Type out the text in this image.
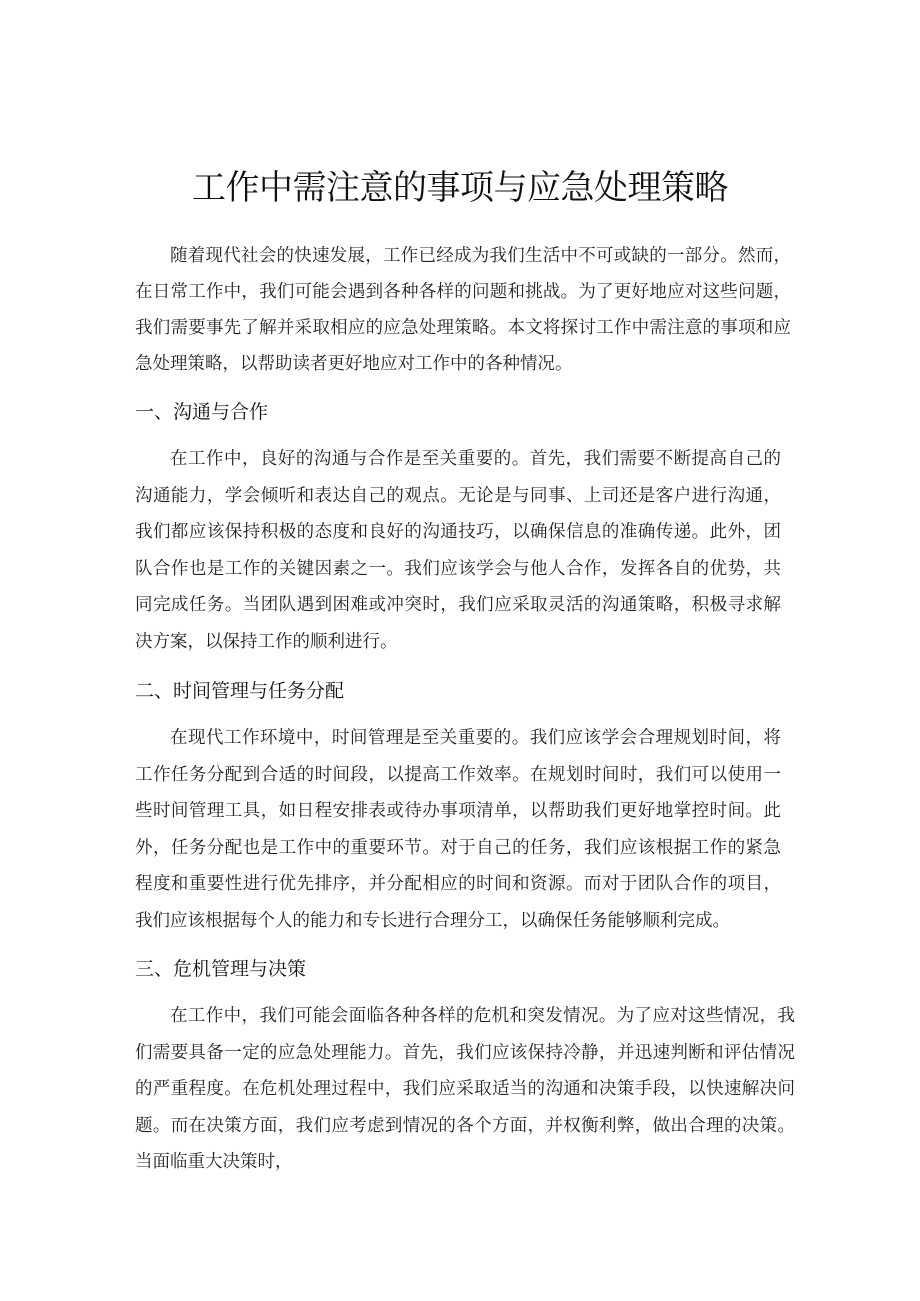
工作中需注意的事项与应急处理策略

随着现代社会的快速发展，工作已经成为我们生活中不可或缺的一部分。然而，在日常工作中，我们可能会遇到各种各样的问题和挑战。为了更好地应对这些问题，我们需要事先了解并采取相应的应急处理策略。本文将探讨工作中需注意的事项和应急处理策略，以帮助读者更好地应对工作中的各种情况。

一、沟通与合作

在工作中，良好的沟通与合作是至关重要的。首先，我们需要不断提高自己的沟通能力，学会倾听和表达自己的观点。无论是与同事、上司还是客户进行沟通，我们都应该保持积极的态度和良好的沟通技巧，以确保信息的准确传递。此外，团队合作也是工作的关键因素之一。我们应该学会与他人合作，发挥各自的优势，共同完成任务。当团队遇到困难或冲突时，我们应采取灵活的沟通策略，积极寻求解决方案，以保持工作的顺利进行。

二、时间管理与任务分配

在现代工作环境中，时间管理是至关重要的。我们应该学会合理规划时间，将工作任务分配到合适的时间段，以提高工作效率。在规划时间时，我们可以使用一些时间管理工具，如日程安排表或待办事项清单，以帮助我们更好地掌控时间。此外，任务分配也是工作中的重要环节。对于自己的任务，我们应该根据工作的紧急程度和重要性进行优先排序，并分配相应的时间和资源。而对于团队合作的项目，我们应该根据每个人的能力和专长进行合理分工，以确保任务能够顺利完成。

三、危机管理与决策

在工作中，我们可能会面临各种各样的危机和突发情况。为了应对这些情况，我们需要具备一定的应急处理能力。首先，我们应该保持冷静，并迅速判断和评估情况的严重程度。在危机处理过程中，我们应采取适当的沟通和决策手段，以快速解决问题。而在决策方面，我们应考虑到情况的各个方面，并权衡利弊，做出合理的决策。当面临重大决策时，
